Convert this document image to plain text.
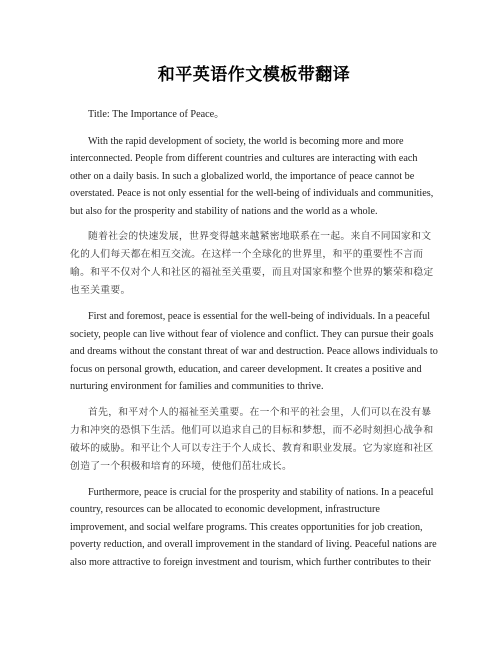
和平英语作文模板带翻译

Title: The Importance of Peace。

With the rapid development of society, the world is becoming more and more interconnected. People from different countries and cultures are interacting with each other on a daily basis. In such a globalized world, the importance of peace cannot be overstated. Peace is not only essential for the well-being of individuals and communities, but also for the prosperity and stability of nations and the world as a whole.

随着社会的快速发展，世界变得越来越紧密地联系在一起。来自不同国家和文化的人们每天都在相互交流。在这样一个全球化的世界里，和平的重要性不言而喻。和平不仅对个人和社区的福祉至关重要，而且对国家和整个世界的繁荣和稳定也至关重要。

First and foremost, peace is essential for the well-being of individuals. In a peaceful society, people can live without fear of violence and conflict. They can pursue their goals and dreams without the constant threat of war and destruction. Peace allows individuals to focus on personal growth, education, and career development. It creates a positive and nurturing environment for families and communities to thrive.

首先，和平对个人的福祉至关重要。在一个和平的社会里，人们可以在没有暴力和冲突的恐惧下生活。他们可以追求自己的目标和梦想，而不必时刻担心战争和破坏的威胁。和平让个人可以专注于个人成长、教育和职业发展。它为家庭和社区创造了一个积极和培育的环境，使他们茁壮成长。

Furthermore, peace is crucial for the prosperity and stability of nations. In a peaceful country, resources can be allocated to economic development, infrastructure improvement, and social welfare programs. This creates opportunities for job creation, poverty reduction, and overall improvement in the standard of living. Peaceful nations are also more attractive to foreign investment and tourism, which further contributes to their
